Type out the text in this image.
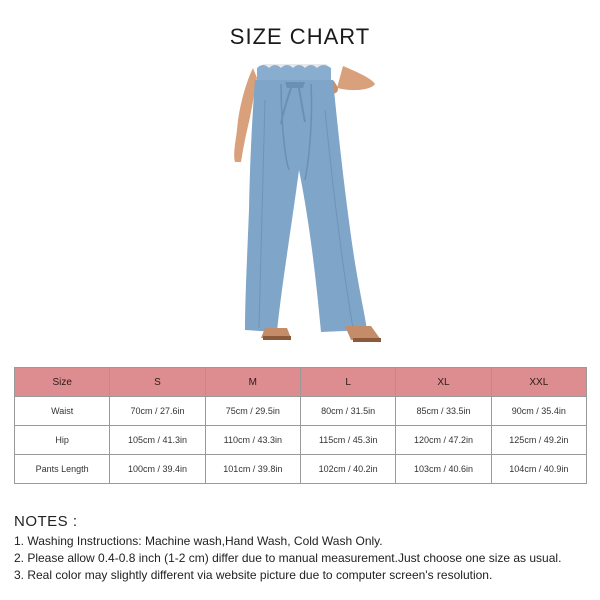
SIZE CHART
Size	S	M	L	XL	XXL
Waist	70cm / 27.6in	75cm / 29.5in	80cm / 31.5in	85cm / 33.5in	90cm / 35.4in
Hip	105cm / 41.3in	110cm / 43.3in	115cm / 45.3in	120cm / 47.2in	125cm / 49.2in
Pants Length	100cm / 39.4in	101cm / 39.8in	102cm / 40.2in	103cm / 40.6in	104cm / 40.9in
NOTES :
1. Washing Instructions: Machine wash,Hand Wash, Cold Wash Only.
2. Please allow 0.4-0.8 inch (1-2 cm) differ due to manual measurement.Just choose one size as usual.
3. Real color may slightly different via website picture due to computer screen's resolution.
